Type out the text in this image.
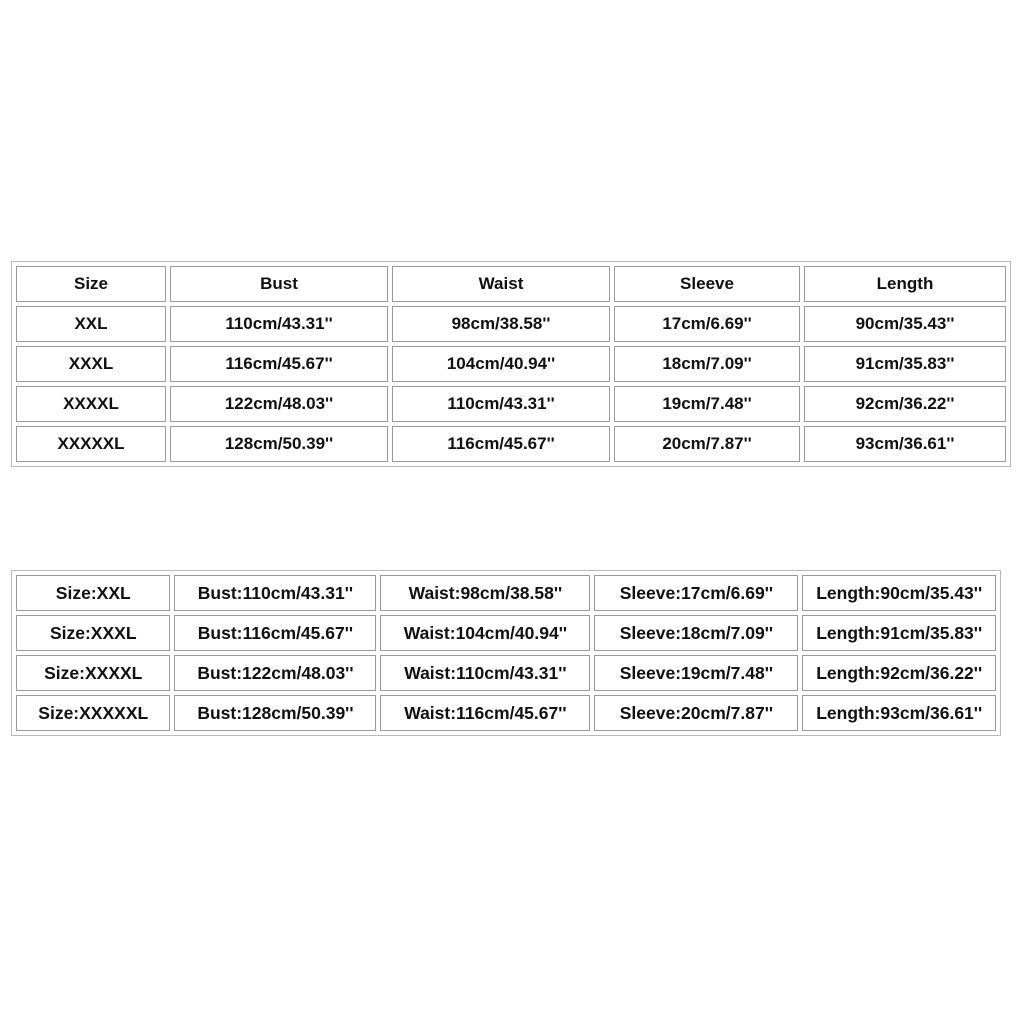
Size	Bust	Waist	Sleeve	Length
XXL	110cm/43.31''	98cm/38.58''	17cm/6.69''	90cm/35.43''
XXXL	116cm/45.67''	104cm/40.94''	18cm/7.09''	91cm/35.83''
XXXXL	122cm/48.03''	110cm/43.31''	19cm/7.48''	92cm/36.22''
XXXXXL	128cm/50.39''	116cm/45.67''	20cm/7.87''	93cm/36.61''
Size:XXL	Bust:110cm/43.31''	Waist:98cm/38.58''	Sleeve:17cm/6.69''	Length:90cm/35.43''
Size:XXXL	Bust:116cm/45.67''	Waist:104cm/40.94''	Sleeve:18cm/7.09''	Length:91cm/35.83''
Size:XXXXL	Bust:122cm/48.03''	Waist:110cm/43.31''	Sleeve:19cm/7.48''	Length:92cm/36.22''
Size:XXXXXL	Bust:128cm/50.39''	Waist:116cm/45.67''	Sleeve:20cm/7.87''	Length:93cm/36.61''
